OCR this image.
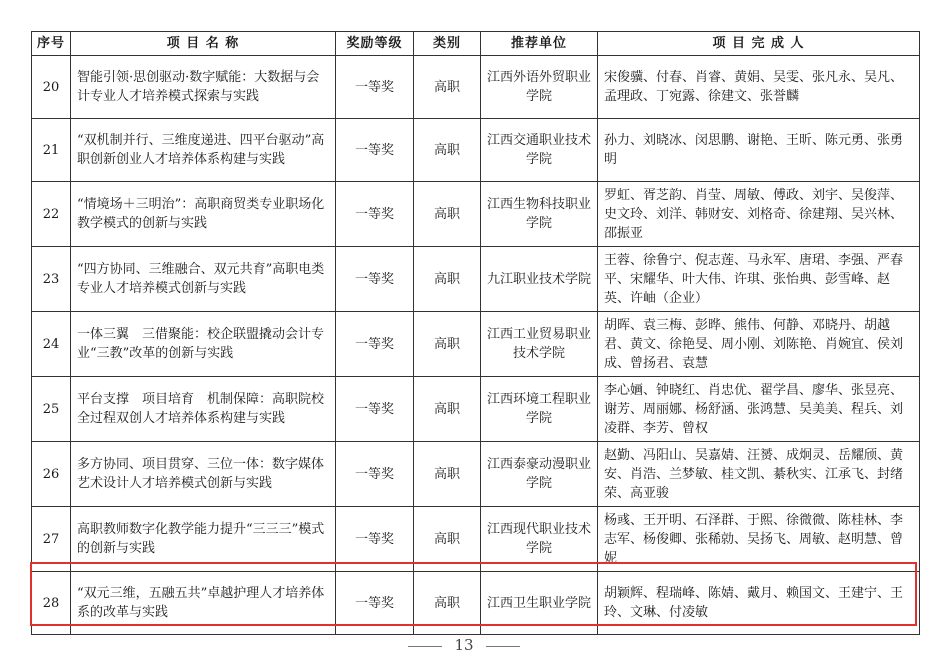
序号	项 目 名 称	奖励等级	类别	推荐单位	项 目 完 成 人
20	智能引领·思创驱动·数字赋能：大数据与会计专业人才培养模式探索与实践	一等奖	高职	江西外语外贸职业学院	宋俊骥、付春、肖睿、黄娟、吴雯、张凡永、吴凡、孟理政、丁宛露、徐建文、张誉麟
21	“双机制并行、三维度递进、四平台驱动”高职创新创业人才培养体系构建与实践	一等奖	高职	江西交通职业技术学院	孙力、刘晓冰、闵思鹏、谢艳、王昕、陈元勇、张勇明
22	“情境场＋三明治”：高职商贸类专业职场化教学模式的创新与实践	一等奖	高职	江西生物科技职业学院	罗虹、胥芝韵、肖莹、周敏、傅政、刘宇、吴俊萍、史文玲、刘洋、韩财安、刘格奇、徐建翔、吴兴林、邵振亚
23	“四方协同、三维融合、双元共育”高职电类专业人才培养模式创新与实践	一等奖	高职	九江职业技术学院	王蓉、徐鲁宁、倪志莲、马永军、唐珺、李强、严春平、宋耀华、叶大伟、许琪、张怡典、彭雪峰、赵英、许岫（企业）
24	一体三翼　三借聚能：校企联盟撬动会计专业“三教”改革的创新与实践	一等奖	高职	江西工业贸易职业技术学院	胡晖、袁三梅、彭晔、熊伟、何静、邓晓丹、胡越君、黄文、徐艳旻、周小刚、刘陈艳、肖婉宜、侯刘成、曾扬君、袁慧
25	平台支撑　项目培育　机制保障：高职院校全过程双创人才培养体系构建与实践	一等奖	高职	江西环境工程职业学院	李心婳、钟晓红、肖忠优、翟学昌、廖华、张昱亮、谢芳、周丽娜、杨舒涵、张鸿慧、吴美美、程兵、刘凌群、李芳、曾权
26	多方协同、项目贯穿、三位一体：数字媒体艺术设计人才培养模式创新与实践	一等奖	高职	江西泰豪动漫职业学院	赵勤、冯阳山、吴嘉婧、汪赟、成炯灵、岳耀颀、黄安、肖浩、兰梦敏、桂文凯、綦秋实、江承飞、封绪荣、高亚骏
27	高职教师数字化教学能力提升“三三三”模式的创新与实践	一等奖	高职	江西现代职业技术学院	杨彧、王开明、石泽群、于熙、徐微微、陈桂林、李志军、杨俊卿、张稀勍、吴扬飞、周敏、赵明慧、曾妮
28	“双元三维，五融五共”卓越护理人才培养体系的改革与实践	一等奖	高职	江西卫生职业学院	胡颖辉、程瑞峰、陈婧、戴月、赖国文、王建宁、王玲、文琳、付凌敏
13
